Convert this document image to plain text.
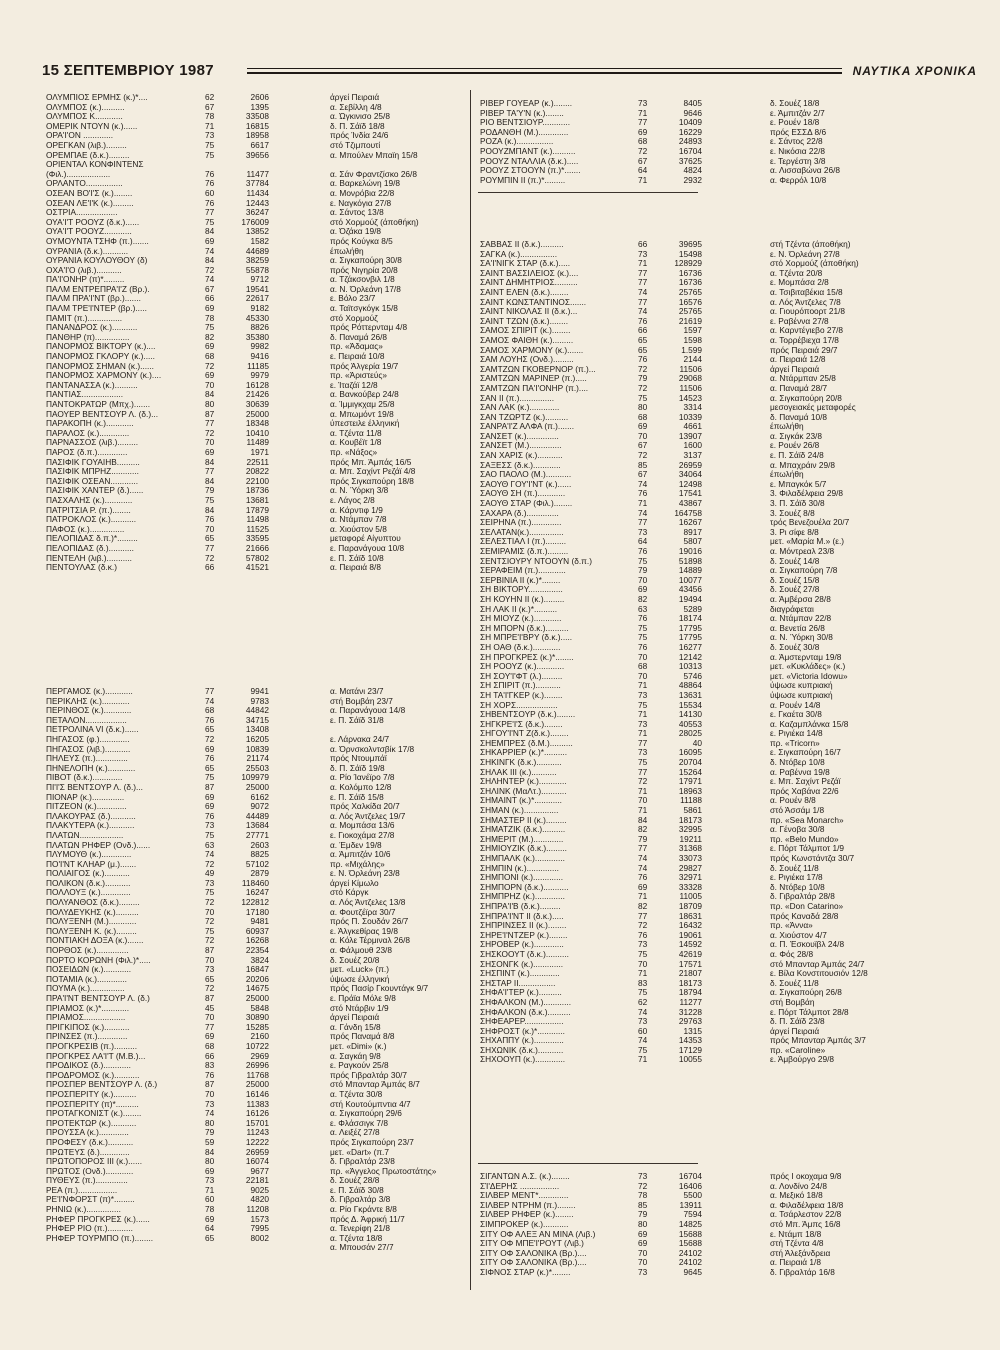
15 ΣΕΠΤΕΜΒΡΙΟΥ 1987	ΝΑΥΤΙΚΑ ΧΡΟΝΙΚΑ
ΟΛΥΜΠΙΟΣ ΕΡΜΗΣ (κ.)*....	62	2606	άργεί Πειραιά
ΟΛΥΜΠΟΣ (κ.)..........	67	1395	α. Σεβίλλη 4/8
ΟΛΥΜΠΟΣ Κ............	78	33508	α. Ώγκινισο 25/8
ΟΜΕΡΙΚ ΝΤΟΥΝ (κ.)......	71	16815	δ. Π. Σάϊδ 18/8
ΟΡΑ'Ι'ΟΝ .............	73	18958	πρός Ίνδία 24/6
ΟΡΕΓΚΑΝ (λιβ.).........	75	6617	στό Τζιμπουτί
ΟΡΕΜΠΑΕ (δ.κ.).........	75	39656	α. Μπούλεν Μπαϊη 15/8
ΟΡΙΕΝΤΑΛ ΚΟΝΦΙΝΤΕΝΣ
(Φιλ.)...................	76	11477	α. Σάν Φραντζίσκο 26/8
ΟΡΛΑΝΤΟ................	76	37784	α. Βαρκελώνη 19/8
ΟΣΕΑΝ ΒΟ'Ι'Σ (κ.)........	60	11434	α. Μονρόβια 22/8
ΟΣΕΑΝ ΛΕ'Ι'Κ (κ.).........	76	12443	ε. Ναγκόγια 27/8
ΟΣΤΡΙΑ..................	77	36247	α. Σάντος 13/8
ΟΥΑ'Ι'Τ ΡΟΟΥΖ (δ.κ.)......	75	176009	στό Χορμούζ (άποθήκη)
ΟΥΑ'Ι'Τ ΡΟΟΥΖ............	84	13852	α. Όζάκα 19/8
ΟΥΜΟΥΝΤΑ ΤΣΗΦ (π.).......	69	1582	πρός Κούγκα 8/5
ΟΥΡΑΝΙΑ (δ.κ.)...........	74	44689	έπωλήθη
ΟΥΡΑΝΙΑ ΚΟΥΛΟΥΘΟΥ (δ)	84	38259	α. Σιγκαπούρη 30/8
ΟΧΑ'Ι'Ο (λιβ.)...........	72	55878	πρός Νιγηρία 20/8
ΠΑ'Ι'ΟΝΗΡ (π)*.........	74	9712	α. Τζάκσονβιλ 1/8
ΠΑΛΜ ΕΝΤΡΕΠΡΑ'Ι'Ζ (Βρ.).	67	19541	α. Ν. Όρλεάνη 17/8
ΠΑΛΜ ΠΡΑ'Ι'ΝΤ (βρ.).......	66	22617	ε. Βόλο 23/7
ΠΑΛΜ ΤΡΕ'Ι'ΝΤΕΡ (βρ.).....	69	9182	α. Ταϊτσγκόγκ 15/8
ΠΑΜΙΤ (π.)...............	78	45330	στό Χορμούζ
ΠΑΝΑΝΔΡΟΣ (κ.)...........	75	8826	πρός Ρόττερνταμ 4/8
ΠΑΝΘΗΡ (π)...............	82	35380	δ. Παναμά 26/8
ΠΑΝΟΡΜΟΣ ΒΙΚΤΟΡΥ (κ.)....	69	9982	πρ. «Άδαμας»
ΠΑΝΟΡΜΟΣ ΓΚΛΟΡΥ (κ.).....	68	9416	ε. Πειραιά 10/8
ΠΑΝΟΡΜΟΣ ΣΗΜΑΝ (κ.)......	72	11185	πρός Άλγερία 19/7
ΠΑΝΟΡΜΟΣ ΧΑΡΜΟΝΥ (κ.)....	69	9979	πρ. «Άριστεύς»
ΠΑΝΤΑΝΑΣΣΑ (κ.)..........	70	16128	ε. Ίταζάϊ 12/8
ΠΑΝΤΙΑΣ..................	84	21426	α. Βανκούβερ 24/8
ΠΑΝΤΟΚΡΑΤΩΡ (Μπχ.).......	80	30639	α. Ίμμιγκχαμ 25/8
ΠΑΟΥΕΡ ΒΕΝΤΣΟΥΡ Λ. (δ.)...	87	25000	α. Μπωμόντ 19/8
ΠΑΡΑΚΟΠΗ (κ.)............	77	18348	ύπεστειλε έλληνική
ΠΑΡΑΛΟΣ (κ.).............	72	10410	α. Τζέντα 11/8
ΠΑΡΝΑΣΣΟΣ (λιβ.).........	70	11489	α. Κουβέϊτ 1/8
ΠΑΡΟΣ (δ.π.).............	69	1971	πρ. «Νάξος»
ΠΑΣΙΦΙΚ ΓΟΥΑΙΗΒ..........	84	22511	πρός Μπ. Άμπάς 16/5
ΠΑΣΙΦΙΚ ΜΠΡΗΖ............	77	20822	α. Μπ. Σαχίντ Ρεζάϊ 4/8
ΠΑΣΙΦΙΚ ΟΣΕΑΝ............	84	22100	πρός Σιγκαπούρη 18/8
ΠΑΣΙΦΙΚ ΧΑΝΤΕΡ (δ.)......	79	18736	α. Ν. Ύόρκη 3/8
ΠΑΣΧΑΛΗΣ (κ.)............	75	13681	ε. Λάγος 2/8
ΠΑΤΡΙΤΣΙΑ Ρ. (π.)........	84	17879	α. Κάρντιφ 1/9
ΠΑΤΡΟΚΛΟΣ (κ.)...........	76	11498	α. Ντάμπαν 7/8
ΠΑΦΟΣ (κ.)...............	70	11525	α. Χιούστον 5/8
ΠΕΛΟΠΙΔΑΣ δ.π.)*.........	65	33595	μεταφορέ Αίγυπτου
ΠΕΛΟΠΙΔΑΣ (δ.)...........	77	21666	ε. Παρανάγουα 10/8
ΠΕΝΤΕΛΗ (λιβ.)...........	72	57802	ε. Π. Σάϊδ 10/8
ΠΕΝΤΟΥΛΑΣ (δ.κ.)	66	41521	α. Πειραιά 8/8
ΠΕΡΓΑΜΟΣ (κ.)............	77	9941	α. Ματάνι 23/7
ΠΕΡΙΚΛΗΣ (κ.)............	74	9783	στή Βομβάη 23/7
ΠΕΡΙΝΘΟΣ (κ.)............	68	44842	α. Παρανάγουα 14/8
ΠΕΤΑΛΟΝ..................	76	34715	ε. Π. Σάϊδ 31/8
ΠΕΤΡΟΛΙΝΑ VI (δ.κ.)......	65	13408
ΠΗΓΑΣΟΣ (φ.).............	72	16205	ε. Λάρνακα 24/7
ΠΗΓΑΣΟΣ (λιβ.)...........	69	10839	α. Όρνσκολντσβίκ 17/8
ΠΗΛΕΥΣ (π.)..............	76	21174	πρός Ντουμπάϊ
ΠΗΝΕΛΟΠΗ (κ.)............	65	25503	δ. Π. Σάϊδ 19/8
ΠΙΒΟΤ (δ.κ.).............	75	109979	α. Ρίο Ίανέϊρο 7/8
ΠΙ'Ι'Σ ΒΕΝΤΣΟΥΡ Λ. (δ.)...	87	25000	α. Κολόμπο 12/8
ΠΙΟΝΑΡ (κ.)..............	69	6162	ε. Π. Σάϊδ 15/8
ΠΙΤΖΕΟΝ (κ.).............	69	9072	πρός Χαλκίδα 20/7
ΠΛΑΚΟΥΡΑΣ (δ.)...........	76	44489	α. Λός Άντζελες 19/7
ΠΛΑΚΥΤΕΡΑ (κ.)...........	73	13684	α. Μομπάσα 13/6
ΠΛΑΤΩΝ...................	75	27771	ε. Γιοκοχάμα 27/8
ΠΛΑΤΩΝ ΡΗΦΕΡ (Ονδ.)......	63	2603	α. Έμδεν 19/8
ΠΛΥΜΟΥΘ (κ.).............	74	8825	α. Άμπιτζάν 10/6
ΠΟ'Ι'ΝΤ ΚΛΗΑΡ (μ.).......	72	57102	πρ. «Μιχάλης»
ΠΟΛΙΑΙΓΟΣ (κ.)...........	49	2879	ε. Ν. Όρλεάνη 23/8
ΠΟΛΙΚΟΝ (δ.κ.)...........	73	118460	άργεί Κίμωλο
ΠΟΛΛΟΥΞ (κ.).............	75	16247	στό Κάργκ
ΠΟΛΥΑΝΘΟΣ (δ.κ.).........	72	122812	α. Λός Άντζελες 13/8
ΠΟΛΥΔΕΥΚΗΣ (κ.)..........	70	17180	α. Φουτζέϊρα 30/7
ΠΟΛΥΞΕΝΗ (Μ.)............	72	9481	πρός Π. Σουδάν 26/7
ΠΟΛΥΞΕΝΗ Κ. (κ.).........	75	60937	ε. Άλγκεθίρας 19/8
ΠΟΝΤΙΑΚΗ ΔΟΞΑ (κ.).......	72	16268	α. Κόλε Τέρμιναλ 26/8
ΠΟΡΘΟΣ (κ.)..............	87	22354	α. Φάλμουθ 23/8
ΠΟΡΤΟ ΚΟΡΩΝΗ (Φιλ.)*.....	70	3824	δ. Σουέζ 20/8
ΠΟΣΕΙΔΩΝ (κ.)............	73	16847	μετ. «Luck» (π.)
ΠΟΤΑΜΙΑ (κ.).............	65	20206	ύψωσε έλληνική
ΠΟΥΜΑ (κ.)...............	72	14675	πρός Πασίρ Γκουντάγκ 9/7
ΠΡΑ'Ι'ΝΤ ΒΕΝΤΣΟΥΡ Λ. (δ.)	87	25000	ε. Πράϊα Μόλε 9/8
ΠΡΙΑΜΟΣ (κ.)*............	45	5848	στό Ντάρβιν 1/9
ΠΡΙΑΜΟΣ..................	70	30890	άργεί Πειραιά
ΠΡΙΓΚΙΠΟΣ (κ.)...........	77	15285	α. Γάνδη 15/8
ΠΡΙΝΣΕΣ (π.).............	69	2160	πρός Παναμά 8/8
ΠΡΟΓΚΡΕΣΙΒ (π.)..........	68	10722	μετ. «Dimi» (κ.)
ΠΡΟΓΚΡΕΣ ΛΑ'Ι'Τ (Μ.Β.)...	66	2969	α. Σαγκάη 9/8
ΠΡΟΔΙΚΟΣ (δ.)............	83	26996	ε. Ραγκούν 25/8
ΠΡΟΔΡΟΜΟΣ (κ.)...........	76	11768	πρός Γιβραλτάρ 30/7
ΠΡΟΣΠΕΡ ΒΕΝΤΣΟΥΡ Λ. (δ.)	87	25000	στό Μπανταρ Άμπάς 8/7
ΠΡΟΣΠΕΡΙΤΥ (κ.)..........	70	16146	α. Τζέντα 30/8
ΠΡΟΣΠΕΡΙΤΥ (π)*..........	73	11383	στή Κουτούμπντια 4/7
ΠΡΟΤΑΓΚΟΝΙΣΤ (κ.)........	74	16126	α. Σιγκαπούρη 29/6
ΠΡΟΤΕΚΤΩΡ (κ.)...........	80	15701	ε. Φλάσσιγκ 7/8
ΠΡΟΥΣΣΑ (κ.).............	79	11243	α. Λειξέζ 27/8
ΠΡΟΦΕΣΥ (δ.κ.)...........	59	12222	πρός Σιγκαπούρη 23/7
ΠΡΩΤΕΥΣ (δ.).............	84	26959	μετ. «Dart» (π.7
ΠΡΩΤΟΠΟΡΟΣ III (κ.)......	80	16074	δ. Γιβραλτάρ 23/8
ΠΡΩΤΟΣ (Ονδ.)............	69	9677	πρ. «Άγγελος Πρωτοστάτης»
ΠΥΘΕΥΣ (π.)..............	73	22181	δ. Σουέζ 28/8
ΡΕΑ (π.).................	71	9025	ε. Π. Σάϊδ 30/8
ΡΕ'Ι'ΝΦΟΡΣΤ (π)*.........	60	4820	δ. Γιβραλτάρ 3/8
ΡΗΝΙΩ (κ.)...............	78	11208	α. Ρίο Γκράντε 8/8
ΡΗΦΕΡ ΠΡΟΓΚΡΕΣ (κ.)......	69	1573	πρός Δ. Άφρική 11/7
ΡΗΦΕΡ ΡΙΟ (π.)...........	64	7995	α. Τενερίφη 21/8
ΡΗΦΕΡ ΤΟΥΡΜΠΟ (π.)........	65	8002	α. Τζέντα 18/8
α. Μπουσάν 27/7
ΡΙΒΕΡ ΓΟΥΕΑΡ (κ.)........	73	8405	δ. Σουέζ 18/8
ΡΙΒΕΡ ΤΑ'Υ'Ν (κ.)........	71	9646	ε. Άμπιτζάν 2/7
ΡΙΟ ΒΕΝΤΣΙΟΥΡ............	77	10409	ε. Ρουέν 18/8
ΡΟΔΑΝΘΗ (Μ.).............	69	16229	πρός ΕΣΣΔ 8/6
ΡΟΖΑ (κ.)................	68	24893	ε. Σάντος 22/8
ΡΟΟΥΖΜΠΑΝΤ (κ.)..........	72	16704	ε. Νικόσια 22/8
ΡΟΟΥΖ ΝΤΑΛΛΙΑ (δ.κ.).....	67	37625	ε. Τεργέστη 3/8
ΡΟΟΥΖ ΣΤΟΟΥΝ (π.)*.......	64	4824	α. Λισσαβώνα 26/8
ΡΟΥΜΠΙΝ II (π.)*.........	71	2932	α. Φερρόλ 10/8
ΣΑΒΒΑΣ II (δ.κ.)..........	66	39695	στή Τζέντα (άποθήκη)
ΣΑΓΚΑ (κ.)................	73	15498	ε. Ν. Όρλεάνη 27/8
ΣΑ'Ι'ΝΙΓΚ ΣΤΑΡ (δ.κ.).....	71	128929	στό Χορμούζ (άποθήκη)
ΣΑΙΝΤ ΒΑΣΣΙΛΕΙΟΣ (κ.)....	77	16736	α. Τζέντα 20/8
ΣΑΙΝΤ ΔΗΜΗΤΡΙΟΣ..........	77	16736	ε. Μομπάσα 2/8
ΣΑΙΝΤ ΕΛΕΝ (δ.κ.)........	74	25765	α. Τσιβιταβέκια 15/8
ΣΑΙΝΤ ΚΩΝΣΤΑΝΤΙΝΟΣ.......	77	16576	α. Λός Άντζελες 7/8
ΣΑΙΝΤ ΝΙΚΟΛΑΣ II (δ.κ.)...	74	25765	α. Γιουρόποορτ 21/8
ΣΑΙΝΤ ΤΖΩΝ (δ.κ.)........	76	21619	ε. Ραβέννα 27/8
ΣΑΜΟΣ ΣΠΙΡΙΤ (κ.)........	66	1597	α. Καρντέγιεβο 27/8
ΣΑΜΟΣ ΦΑΙΘΗ (κ.).........	65	1598	α. Τορρέβιεχα 17/8
ΣΑΜΟΣ ΧΑΡΜΟΝΥ (κ.).......	65	1.599	πρός Πειραιά 29/7
ΣΑΜ ΛΟΥΗΣ (Ονδ.).........	76	2144	α. Πειραιά 12/8
ΣΑΜΤΖΩΝ ΓΚΟΒΕΡΝΟΡ (π.)...	72	11506	άργεί Πειραιά
ΣΑΜΤΖΩΝ ΜΑΡΙΝΕΡ (π.).....	79	29068	α. Ντάρμπαν 25/8
ΣΑΜΤΖΩΝ ΠΑ'Ι'ΟΝΗΡ (π.)....	72	11506	α. Παναμά 28/7
ΣΑΝ II (π.)...............	75	14523	α. Σιγκαπούρη 20/8
ΣΑΝ ΛΑΚ (κ.).............	80	3314	μεσογειακές μεταφορές
ΣΑΝ ΤΖΩΡΤΖ (κ.)..........	68	10339	δ. Παναμά 10/8
ΣΑΝΡΑ'Ι'Ζ ΑΛΦΑ (π.).......	69	4661	έπωλήθη
ΣΑΝΣΕΤ (κ.)..............	70	13907	α. Σιγκάκ 23/8
ΣΑΝΣΕΤ (Μ.)..............	67	1600	ε. Ρουέν 26/8
ΣΑΝ ΧΑΡΙΣ (κ.)...........	72	3137	ε. Π. Σάϊδ 24/8
ΣΑΞΕΣΣ (δ.κ.)............	85	26959	α. Μπαχράιν 29/8
ΣΑΟ ΠΑΟΛΟ (Μ.)...........	67	34064	έπωλήθη
ΣΑΟΥΘ ΓΟΥ'Ι'ΝΤ (κ.)......	74	12498	ε. Μπαγκόκ 5/7
ΣΑΟΥΘ ΣΗ (π.)............	76	17541	3. Φιλαδέλφεια 29/8
ΣΑΟΥΘ ΣΤΑΡ (Φιλ.)........	71	43867	3. Π. Σάϊδ 30/8
ΣΑΧΑΡΑ (δ.)..............	74	164758	3. Σουέζ 8/8
ΣΕΙΡΗΝΑ (π.).............	77	16267	τρός Βενεζουέλα 20/7
ΣΕΛΑΤΑΝ(κ.)...............	73	8917	3. Ρι σίφε 8/8
ΣΕΛΕΣΤΙΑΛ I (π.).........	64	5807	μετ. «Μαρία Μ.» (ε.)
ΣΕΜΙΡΑΜΙΣ (δ.π.).........	76	19016	α. Μόντρεαλ 23/8
ΣΕΝΤΣΙΟΥΡΥ ΝΤΟΟΥΝ (δ.π.)	75	51898	δ. Σουέζ 14/8
ΣΕΡΑΦΕΙΜ (π.)............	79	14889	α. Σιγκαπούρη 7/8
ΣΕΡΒΙΝΙΑ II (κ.)*........	70	10077	δ. Σουέζ 15/8
ΣΗ ΒΙΚΤΟΡΥ...............	69	43456	δ. Σουέζ 27/8
ΣΗ ΚΟΥΗΝ II (κ.).........	82	19494	α. Άμβέρσα 28/8
ΣΗ ΛΑΚ II (κ.)*..........	63	5289	διαγράφεται
ΣΗ ΜΙΟΥΖ (κ.)............	76	18174	α. Ντάμπαν 22/8
ΣΗ ΜΠΟΡΝ (δ.κ.)..........	75	17795	α. Βενετία 26/8
ΣΗ ΜΠΡΕ'Ι'ΒΡΥ (δ.κ.).....	75	17795	α. Ν. Ύόρκη 30/8
ΣΗ ΟΑΘ (δ.κ.)............	76	16277	δ. Σουέζ 30/8
ΣΗ ΠΡΟΓΚΡΕΣ (κ.)*........	70	12142	α. Άμστερνταμ 19/8
ΣΗ ΡΟΟΥΖ (κ.)............	68	10313	μετ. «Κυκλάδες» (κ.)
ΣΗ ΣΟΥ'Ι'ΦΤ (λ.).........	70	5746	μετ. «Victoria Idowu»
ΣΗ ΣΠΙΡΙΤ (π.)...........	71	48864	ύψωσε κυπριακή
ΣΗ ΤΑ'Ι'ΓΚΕΡ (κ.)........	73	13631	ύψωσε κυπριακή
ΣΗ ΧΟΡΣ..................	75	15534	α. Ρουέν 14/8
ΣΗΒΕΝΤΣΟΥΡ (δ.κ.)........	71	14130	ε. Γκαέτα 30/8
ΣΗΓΚΡΕ'Ι'Σ (δ.κ.)........	73	40553	α. Καζαμπλάνκα 15/8
ΣΗΓΟΥ'Ι'ΝΤ Ζ(δ.κ.)........	71	28025	ε. Ριγιέκα 14/8
ΣΗΕΜΠΡΕΣ (δ.Μ.)..........	77	40	πρ. «Tricorn»
ΣΗΚΑΡΡΙΕΡ (κ.)*..........	73	16095	ε. Σιγκαπούρη 16/7
ΣΗΚΙΝΓΚ (δ.κ.)...........	75	20704	δ. Ντόβερ 10/8
ΣΗΛΑΚ III (κ.)...........	77	15264	α. Ραβέννα 19/8
ΣΗΛΗΝΤΕΡ (κ.)............	72	17971	ε. Μπ. Σαχίντ Ρεζάϊ
ΣΗΛΙΝΚ (ΜαΛτ.)...........	71	18963	πρός Χαβάνα 22/6
ΣΗΜΑΙΝΤ (κ.)*............	70	11188	α. Ρουέν 8/8
ΣΗΜΑΝ (κ.)...............	71	5861	στό Άσσάμ 1/8
ΣΗΜΑΣΤΕΡ II (κ.).........	84	18173	πρ. «Sea Monarch»
ΣΗΜΑΤΖΙΚ (δ.κ.)..........	82	32995	α. Γένοβα 30/8
ΣΗΜΕΡΙΤ (Μ.).............	79	19211	πρ. «Belo Mundo»
ΣΗΜΙΟΥΖΙΚ (δ.κ.).........	77	31368	ε. Πόρτ Τάλμποτ 1/9
ΣΗΜΠΑΛΚ (κ.).............	74	33073	πρός Κωνστάντζα 30/7
ΣΗΜΠΙΝ (κ.)..............	74	29827	δ. Σουέζ 11/8
ΣΗΜΠΟΝΙ (κ.).............	76	32971	ε. Ριγιέκα 17/8
ΣΗΜΠΟΡΝ (δ.κ.)...........	69	33328	δ. Ντόβερ 10/8
ΣΗΜΠΡΗΖ (κ.).............	71	11005	δ. Γιβραλτάρ 28/8
ΣΗΠΡΑ'Ι'Β (δ.κ.).........	82	18709	πρ. «Don Catarino»
ΣΗΠΡΑ'Ι'ΝΤ II (δ.κ.).....	77	18631	πρός Καναδά 28/8
ΣΗΠΡΙΝΣΕΣ II (κ.)........	72	16432	πρ. «Άννα»
ΣΗΡΕ'Ι'ΝΤΖΕΡ (κ.)........	76	19061	α. Χιούστον 4/7
ΣΗΡΟΒΕΡ (κ.).............	73	14592	α. Π. Έσκουϊβλ 24/8
ΣΗΣΚΟΟΥΤ (δ.κ.)..........	75	42619	α. Φός 28/8
ΣΗΣΟΝΓΚ (κ.).............	70	17571	στό Μπανταρ Άμπάς 24/7
ΣΗΣΠΙΝΤ (κ.).............	71	21807	ε. Βίλα Κονστιτουσιόν 12/8
ΣΗΣΤΑΡ II................	83	18173	δ. Σουέζ 11/8
ΣΗΦΑ'Ι'ΤΕΡ (κ.)..........	75	18794	α. Σιγκαπούρη 26/8
ΣΗΦΑΛΚΟΝ (Μ.)............	62	11277	στή Βομβάη
ΣΗΦΑΛΚΟΝ (δ.κ.)..........	74	31228	ε. Πόρτ Τάλμποτ 28/8
ΣΗΦΕΑΡΕΡ.................	73	29763	δ. Π. Σάϊδ 23/8
ΣΗΦΡΟΣΤ (κ.)*............	60	1315	άργεί Πειραιά
ΣΗΧΑΠΠΥ (κ.).............	74	14353	πρός Μπανταρ Άμπάς 3/7
ΣΗΧΩΝΙΚ (δ.κ.)...........	75	17129	πρ. «Caroline»
ΣΗΧΟΟΥΠ (κ.).............	71	10055	ε. Άμβούργο 29/8
ΣΙΓΑΝΤΩΝ Α.Σ. (κ.)........	73	16704	πρός Ι οκοχαμα 9/8
ΣΊ'ΔΕΡΗΣ .................	72	16406	α. Λονδίνο 24/8
ΣΙΛΒΕΡ ΜΕΝΤ*.............	78	5500	α. Μεξικό 18/8
ΣΙΛΒΕΡ ΝΤΡΗΜ (π.)........	85	13911	α. Φιλαδέλφεια 18/8
ΣΙΛΒΕΡ ΡΗΦΕΡ (κ.)........	79	7594	α. Τσάρλεστον 22/8
ΣΙΜΠΡΟΚΕΡ (κ.)...........	80	14825	στό Μπ. Άμπς 16/8
ΣΙΤΥ ΟΦ ΑΛΕΞ ΑΝ ΜΙΝΑ (Λιβ.)	69	15688	ε. Ντάμπ 18/8
ΣΙΤΥ ΟΦ ΜΠΕ'Ι'ΡΟΥΤ (Λιβ.)	69	15688	στή Τζέντα 4/8
ΣΙΤΥ ΟΦ ΣΑΛΟΝΙΚΑ (Βρ.)....	70	24102	στή Άλεξάνδρεια
ΣΙΤΥ ΟΦ ΣΑΛΟΝΙΚΑ (Βρ.)....	70	24102	α. Πειραιά 1/8
ΣΙΦΝΟΣ ΣΤΑΡ (κ.)*........	73	9645	δ. Γιβραλτάρ 16/8
